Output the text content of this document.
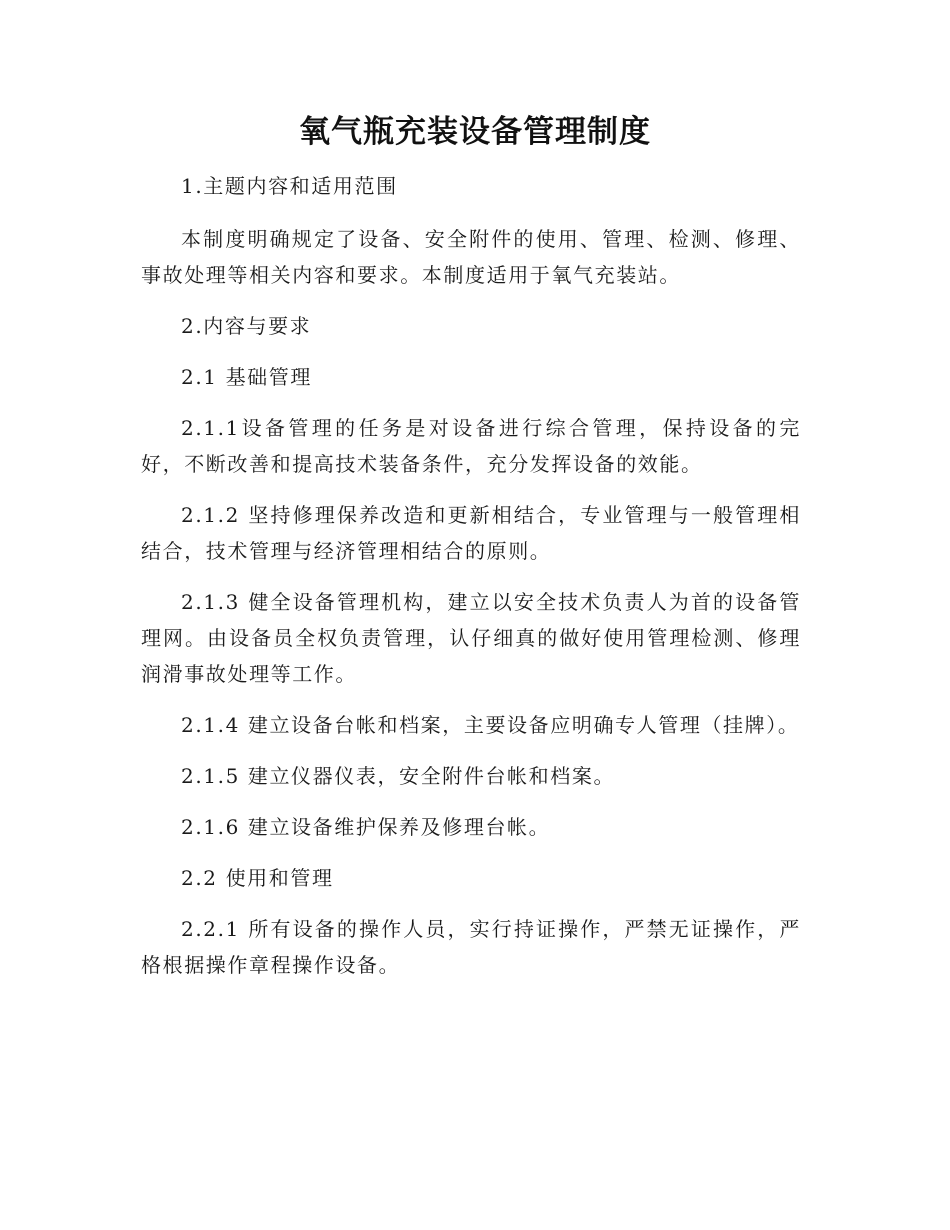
氧气瓶充装设备管理制度

1.主题内容和适用范围

本制度明确规定了设备、安全附件的使用、管理、检测、修理、事故处理等相关内容和要求。本制度适用于氧气充装站。

2.内容与要求

2.1 基础管理

2.1.1设备管理的任务是对设备进行综合管理，保持设备的完好，不断改善和提高技术装备条件，充分发挥设备的效能。

2.1.2 坚持修理保养改造和更新相结合，专业管理与一般管理相结合，技术管理与经济管理相结合的原则。

2.1.3 健全设备管理机构，建立以安全技术负责人为首的设备管理网。由设备员全权负责管理，认仔细真的做好使用管理检测、修理润滑事故处理等工作。

2.1.4 建立设备台帐和档案，主要设备应明确专人管理（挂牌）。

2.1.5 建立仪器仪表，安全附件台帐和档案。

2.1.6 建立设备维护保养及修理台帐。

2.2 使用和管理

2.2.1 所有设备的操作人员，实行持证操作，严禁无证操作，严格根据操作章程操作设备。
